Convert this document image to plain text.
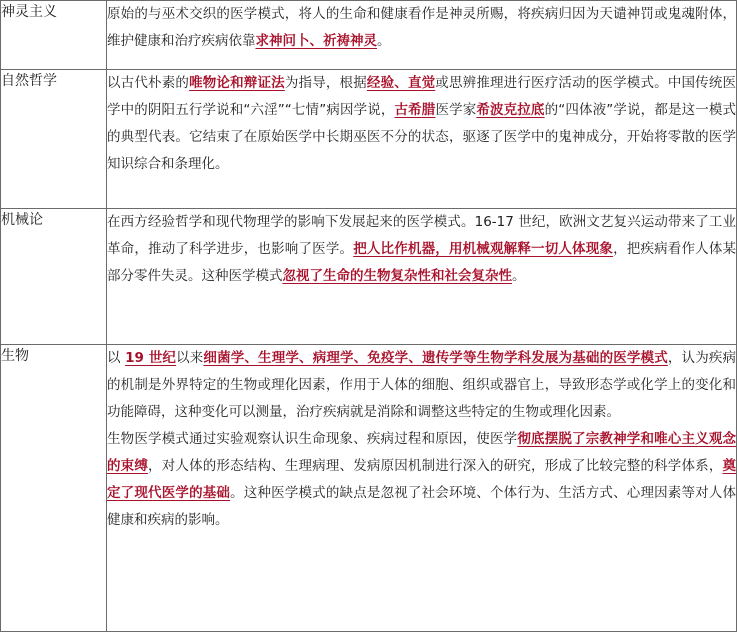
神灵主义	原始的与巫术交织的医学模式，将人的生命和健康看作是神灵所赐，将疾病归因为天谴神罚或鬼魂附体，维护健康和治疗疾病依靠求神问卜、祈祷神灵。

自然哲学	以古代朴素的唯物论和辩证法为指导，根据经验、直觉或思辨推理进行医疗活动的医学模式。中国传统医学中的阴阳五行学说和“六淫”“七情”病因学说，古希腊医学家希波克拉底的“四体液”学说，都是这一模式的典型代表。它结束了在原始医学中长期巫医不分的状态，驱逐了医学中的鬼神成分，开始将零散的医学知识综合和条理化。

机械论	在西方经验哲学和现代物理学的影响下发展起来的医学模式。16-17 世纪，欧洲文艺复兴运动带来了工业革命，推动了科学进步，也影响了医学。把人比作机器，用机械观解释一切人体现象，把疾病看作人体某部分零件失灵。这种医学模式忽视了生命的生物复杂性和社会复杂性。

生物	以 19 世纪以来细菌学、生理学、病理学、免疫学、遗传学等生物学科发展为基础的医学模式，认为疾病的机制是外界特定的生物或理化因素，作用于人体的细胞、组织或器官上，导致形态学或化学上的变化和功能障碍，这种变化可以测量，治疗疾病就是消除和调整这些特定的生物或理化因素。
生物医学模式通过实验观察认识生命现象、疾病过程和原因，使医学彻底摆脱了宗教神学和唯心主义观念的束缚，对人体的形态结构、生理病理、发病原因机制进行深入的研究，形成了比较完整的科学体系，奠定了现代医学的基础。这种医学模式的缺点是忽视了社会环境、个体行为、生活方式、心理因素等对人体健康和疾病的影响。
